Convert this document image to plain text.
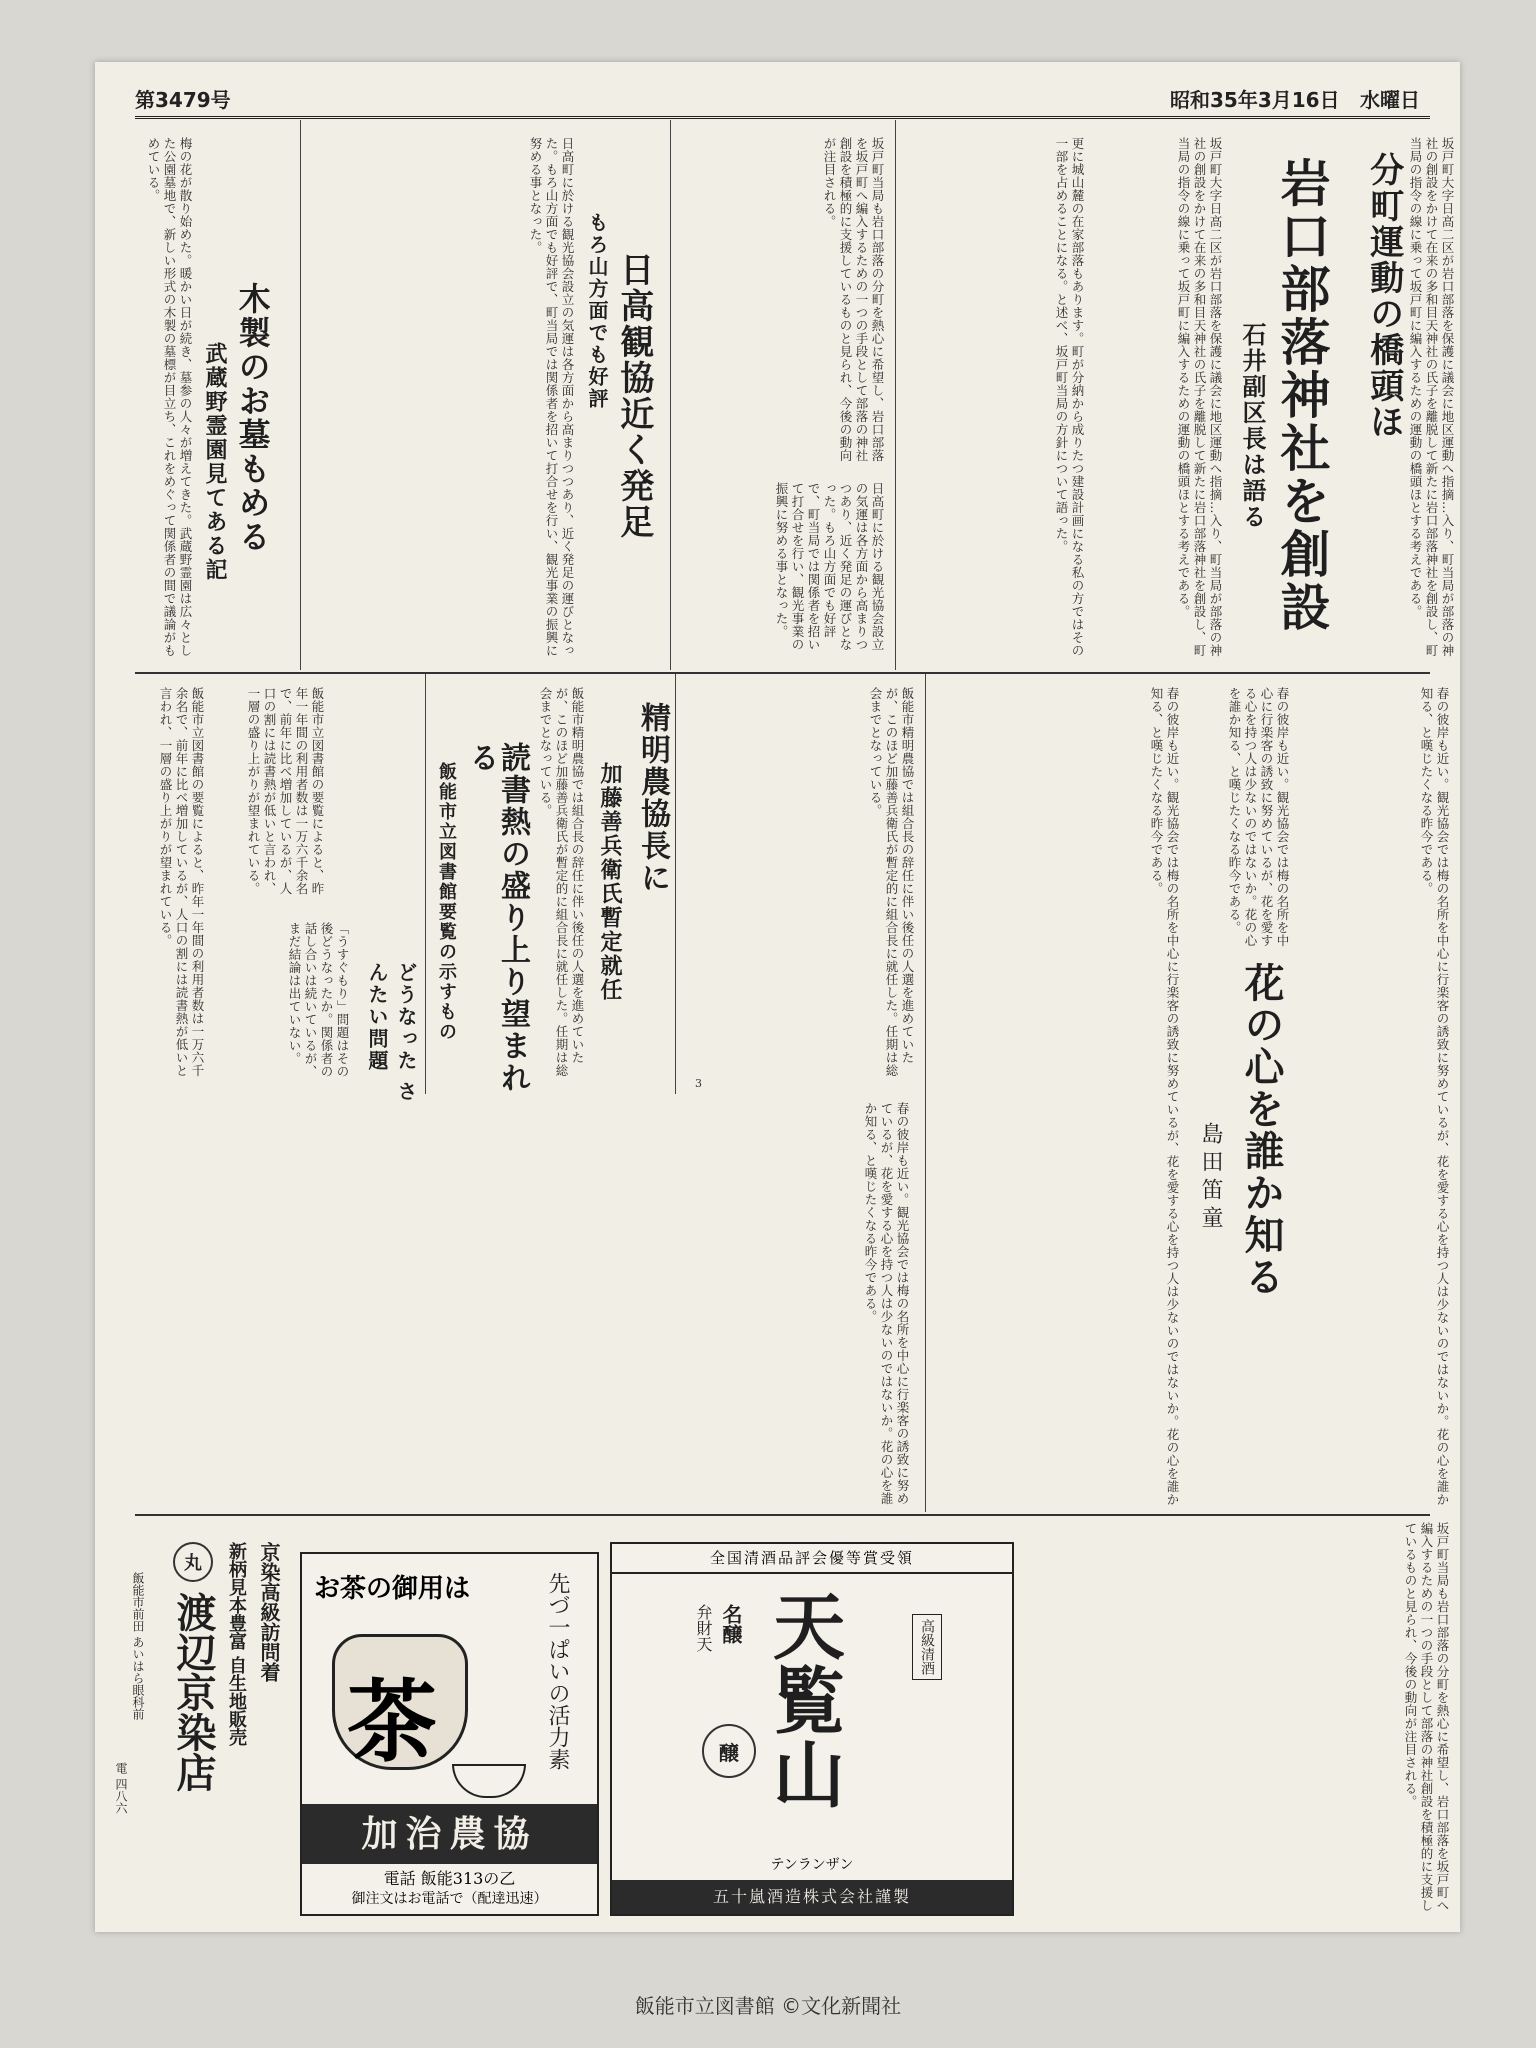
第3479号	昭和35年3月16日 水曜日
分町運動の橋頭ほ
岩口部落神社を創設
石井副区長は語る	坂戸町大字日高二区が岩口部落を保護に議会に地区運動へ指摘…入り、町当局が部落の神社の創設をかけて在来の多和目天神社の氏子を離脱して新たに岩口部落神社を創設し、町当局の指令の線に乗って坂戸町に編入するための運動の橋頭ほとする考えである。
坂戸町大字日高二区が岩口部落を保護に議会に地区運動へ指摘…入り、町当局が部落の神社の創設をかけて在来の多和目天神社の氏子を離脱して新たに岩口部落神社を創設し、町当局の指令の線に乗って坂戸町に編入するための運動の橋頭ほとする考えである。
更に城山麓の在家部落もあります。町が分納から成りたつ建設計画になる私の方ではその一部を占めることになる。と述べ、坂戸町当局の方針について語った。
坂戸町当局も岩口部落の分町を熱心に希望し、岩口部落を坂戸町へ編入するための一つの手段として部落の神社創設を積極的に支援しているものと見られ、今後の動向が注目される。
日高観協近く発足
もろ山方面でも好評
日高町に於ける観光協会設立の気運は各方面から高まりつつあり、近く発足の運びとなった。もろ山方面でも好評で、町当局では関係者を招いて打合せを行い、観光事業の振興に努める事となった。
日高町に於ける観光協会設立の気運は各方面から高まりつつあり、近く発足の運びとなった。もろ山方面でも好評で、町当局では関係者を招いて打合せを行い、観光事業の振興に努める事となった。
木製のお墓もめる
武蔵野霊園見てある記
梅の花が散り始めた。暖かい日が続き、墓参の人々が増えてきた。武蔵野霊園は広々とした公園墓地で、新しい形式の木製の墓標が目立ち、これをめぐって関係者の間で議論がもめている。
精明農協長に
加藤善兵衛氏暫定就任
飯能市精明農協では組合長の辞任に伴い後任の人選を進めていたが、このほど加藤善兵衛氏が暫定的に組合長に就任した。任期は総会までとなっている。	飯能市精明農協では組合長の辞任に伴い後任の人選を進めていたが、このほど加藤善兵衛氏が暫定的に組合長に就任した。任期は総会までとなっている。
3
読書熱の盛り上り望まれる
飯能市立図書館要覧の示すもの
飯能市立図書館の要覧によると、昨年一年間の利用者数は一万六千余名で、前年に比べ増加しているが、人口の割には読書熱が低いと言われ、一層の盛り上がりが望まれている。	飯能市立図書館の要覧によると、昨年一年間の利用者数は一万六千余名で、前年に比べ増加しているが、人口の割には読書熱が低いと言われ、一層の盛り上がりが望まれている。
どうなった さんたい問題
「うすぐもり」問題はその後どうなったか。関係者の話し合いは続いているが、まだ結論は出ていない。
春の彼岸も近い。観光協会では梅の名所を中心に行楽客の誘致に努めているが、花を愛する心を持つ人は少ないのではないか。花の心を誰か知る、と嘆じたくなる昨今である。	花の心を誰か知る
島田笛童	春の彼岸も近い。観光協会では梅の名所を中心に行楽客の誘致に努めているが、花を愛する心を持つ人は少ないのではないか。花の心を誰か知る、と嘆じたくなる昨今である。
春の彼岸も近い。観光協会では梅の名所を中心に行楽客の誘致に努めているが、花を愛する心を持つ人は少ないのではないか。花の心を誰か知る、と嘆じたくなる昨今である。	春の彼岸も近い。観光協会では梅の名所を中心に行楽客の誘致に努めているが、花を愛する心を持つ人は少ないのではないか。花の心を誰か知る、と嘆じたくなる昨今である。
坂戸町当局も岩口部落の分町を熱心に希望し、岩口部落を坂戸町へ編入するための一つの手段として部落の神社創設を積極的に支援しているものと見られ、今後の動向が注目される。
お茶の御用は	先づ一ぱいの活力素
茶
加治農協
電話 飯能313の乙
御注文はお電話で（配達迅速）
全国清酒品評会優等賞受領
天覧山
名醸
弁財天	高級清酒
醸
テンランザン
五十嵐酒造株式会社謹製
京染高級訪問着
新柄見本豊富 自生地販売
丸
渡辺京染店
飯能市前田 あいはら眼科前
電 四八六
飯能市立図書館 ©文化新聞社
